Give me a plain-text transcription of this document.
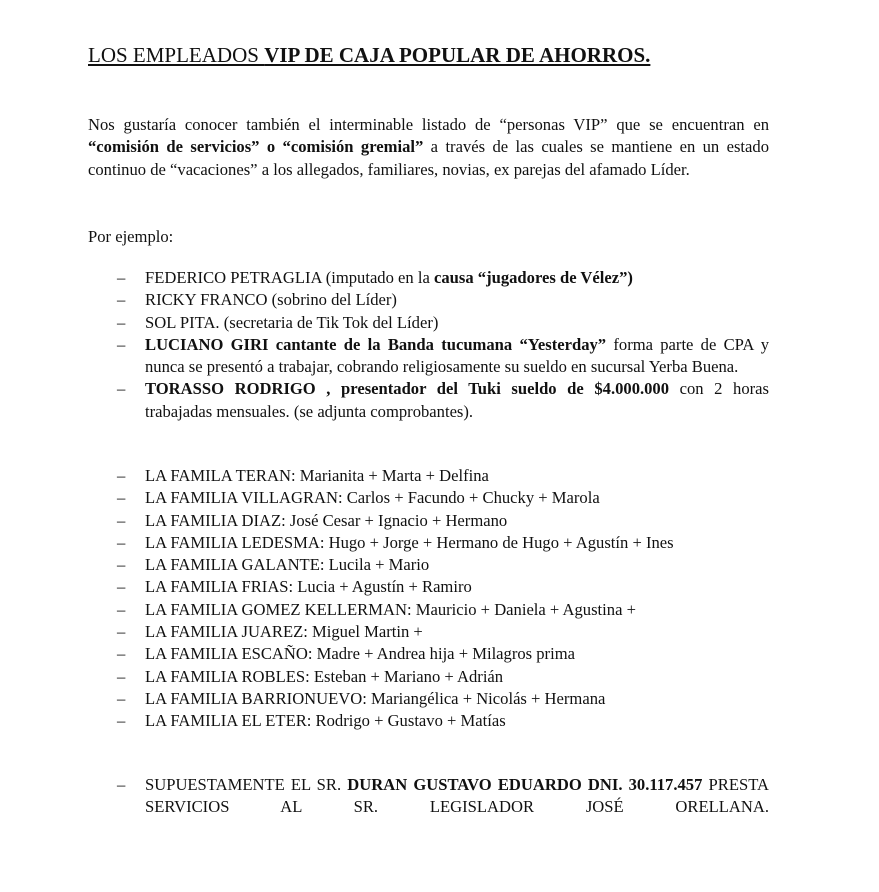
LOS EMPLEADOS VIP DE CAJA POPULAR DE AHORROS.
Nos gustaría conocer también el interminable listado de “personas VIP” que se encuentran en “comisión de servicios” o “comisión gremial” a través de las cuales se mantiene en un estado continuo de “vacaciones” a los allegados, familiares, novias, ex parejas del afamado Líder.
Por ejemplo:
– FEDERICO PETRAGLIA (imputado en la causa “jugadores de Vélez”)
– RICKY FRANCO (sobrino del Líder)
– SOL PITA. (secretaria de Tik Tok del Líder)
– LUCIANO GIRI cantante de la Banda tucumana “Yesterday” forma parte de CPA y nunca se presentó a trabajar, cobrando religiosamente su sueldo en sucursal Yerba Buena.
– TORASSO RODRIGO , presentador del Tuki sueldo de $4.000.000 con 2 horas trabajadas mensuales. (se adjunta comprobantes).
– LA FAMILA TERAN: Marianita + Marta + Delfina
– LA FAMILIA VILLAGRAN: Carlos + Facundo + Chucky + Marola
– LA FAMILIA DIAZ: José Cesar + Ignacio + Hermano
– LA FAMILIA LEDESMA: Hugo + Jorge + Hermano de Hugo + Agustín + Ines
– LA FAMILIA GALANTE: Lucila + Mario
– LA FAMILIA FRIAS: Lucia + Agustín + Ramiro
– LA FAMILIA GOMEZ KELLERMAN: Mauricio + Daniela + Agustina +
– LA FAMILIA JUAREZ: Miguel Martin +
– LA FAMILIA ESCAÑO: Madre + Andrea hija + Milagros prima
– LA FAMILIA ROBLES: Esteban + Mariano + Adrián
– LA FAMILIA BARRIONUEVO: Mariangélica + Nicolás + Hermana
– LA FAMILIA EL ETER: Rodrigo + Gustavo + Matías
– SUPUESTAMENTE EL SR. DURAN GUSTAVO EDUARDO DNI. 30.117.457 PRESTA SERVICIOS AL SR. LEGISLADOR JOSÉ ORELLANA.
